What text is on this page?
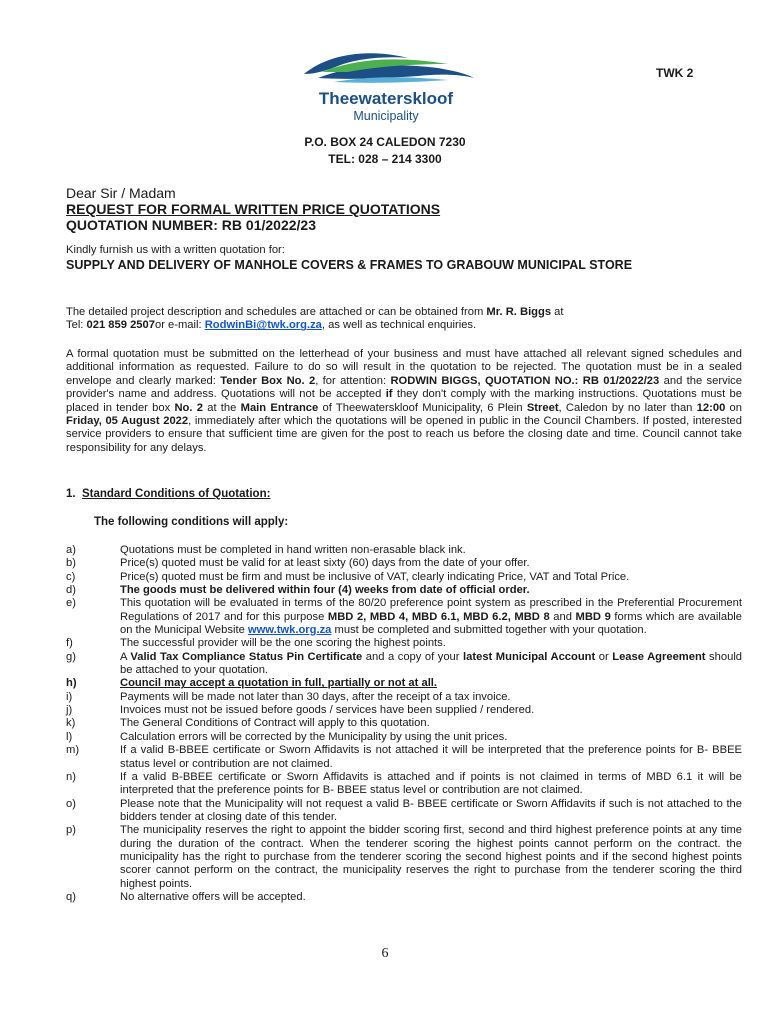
Theewaterskloof
Municipality
TWK 2
P.O. BOX 24 CALEDON 7230
TEL: 028 – 214 3300
Dear Sir / Madam
REQUEST FOR FORMAL WRITTEN PRICE QUOTATIONS
QUOTATION NUMBER: RB 01/2022/23
Kindly furnish us with a written quotation for:
SUPPLY AND DELIVERY OF MANHOLE COVERS & FRAMES TO GRABOUW MUNICIPAL STORE
The detailed project description and schedules are attached or can be obtained from Mr. R. Biggs at
Tel: 021 859 2507or e-mail: RodwinBi@twk.org.za, as well as technical enquiries.
A formal quotation must be submitted on the letterhead of your business and must have attached all relevant signed schedules and additional information as requested. Failure to do so will result in the quotation to be rejected. The quotation must be in a sealed envelope and clearly marked: Tender Box No. 2, for attention: RODWIN BIGGS, QUOTATION NO.: RB 01/2022/23 and the service provider's name and address. Quotations will not be accepted if they don't comply with the marking instructions. Quotations must be placed in tender box No. 2 at the Main Entrance of Theewaterskloof Municipality, 6 Plein Street, Caledon by no later than 12:00 on Friday, 05 August 2022, immediately after which the quotations will be opened in public in the Council Chambers. If posted, interested service providers to ensure that sufficient time are given for the post to reach us before the closing date and time. Council cannot take responsibility for any delays.
1. Standard Conditions of Quotation:
The following conditions will apply:
a)	Quotations must be completed in hand written non-erasable black ink.
b)	Price(s) quoted must be valid for at least sixty (60) days from the date of your offer.
c)	Price(s) quoted must be firm and must be inclusive of VAT, clearly indicating Price, VAT and Total Price.
d)	The goods must be delivered within four (4) weeks from date of official order.
e)	This quotation will be evaluated in terms of the 80/20 preference point system as prescribed in the Preferential Procurement Regulations of 2017 and for this purpose MBD 2, MBD 4, MBD 6.1, MBD 6.2, MBD 8 and MBD 9 forms which are available on the Municipal Website www.twk.org.za must be completed and submitted together with your quotation.
f)	The successful provider will be the one scoring the highest points.
g)	A Valid Tax Compliance Status Pin Certificate and a copy of your latest Municipal Account or Lease Agreement should be attached to your quotation.
h)	Council may accept a quotation in full, partially or not at all.
i)	Payments will be made not later than 30 days, after the receipt of a tax invoice.
j)	Invoices must not be issued before goods / services have been supplied / rendered.
k)	The General Conditions of Contract will apply to this quotation.
l)	Calculation errors will be corrected by the Municipality by using the unit prices.
m)	If a valid B-BBEE certificate or Sworn Affidavits is not attached it will be interpreted that the preference points for B- BBEE status level or contribution are not claimed.
n)	If a valid B-BBEE certificate or Sworn Affidavits is attached and if points is not claimed in terms of MBD 6.1 it will be interpreted that the preference points for B- BBEE status level or contribution are not claimed.
o)	Please note that the Municipality will not request a valid B- BBEE certificate or Sworn Affidavits if such is not attached to the bidders tender at closing date of this tender.
p)	The municipality reserves the right to appoint the bidder scoring first, second and third highest preference points at any time during the duration of the contract. When the tenderer scoring the highest points cannot perform on the contract. the municipality has the right to purchase from the tenderer scoring the second highest points and if the second highest points scorer cannot perform on the contract, the municipality reserves the right to purchase from the tenderer scoring the third highest points.
q)	No alternative offers will be accepted.
6
